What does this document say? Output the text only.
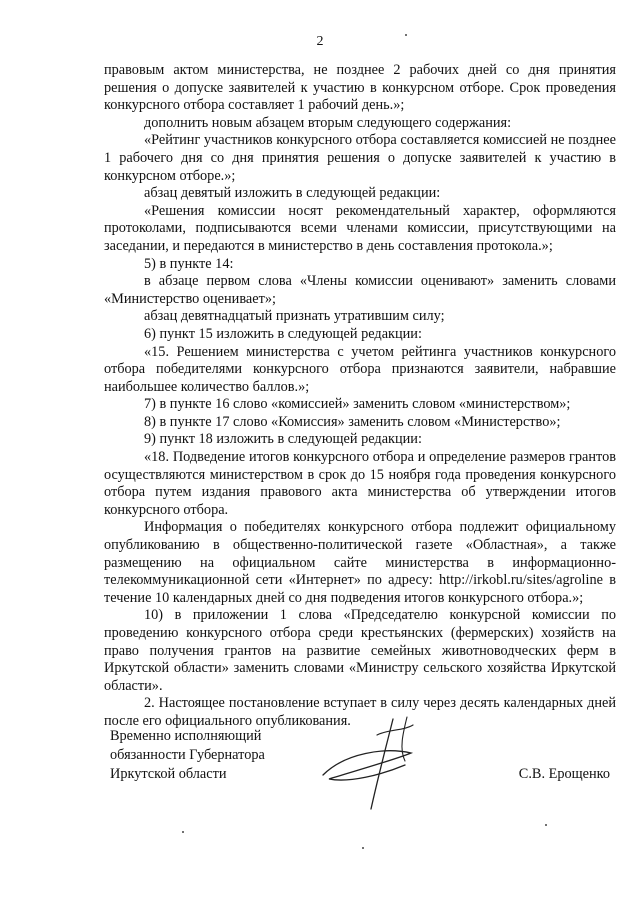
2

правовым актом министерства, не позднее 2 рабочих дней со дня принятия решения о допуске заявителей к участию в конкурсном отборе. Срок проведения конкурсного отбора составляет 1 рабочий день.»;

дополнить новым абзацем вторым следующего содержания:

«Рейтинг участников конкурсного отбора составляется комиссией не позднее 1 рабочего дня со дня принятия решения о допуске заявителей к участию в конкурсном отборе.»;

абзац девятый изложить в следующей редакции:

«Решения комиссии носят рекомендательный характер, оформляются протоколами, подписываются всеми членами комиссии, присутствующими на заседании, и передаются в министерство в день составления протокола.»;

5) в пункте 14:

в абзаце первом слова «Члены комиссии оценивают» заменить словами «Министерство оценивает»;

абзац девятнадцатый признать утратившим силу;

6) пункт 15 изложить в следующей редакции:

«15. Решением министерства с учетом рейтинга участников конкурсного отбора победителями конкурсного отбора признаются заявители, набравшие наибольшее количество баллов.»;

7) в пункте 16 слово «комиссией» заменить словом «министерством»;

8) в пункте 17 слово «Комиссия» заменить словом «Министерство»;

9) пункт 18 изложить в следующей редакции:

«18. Подведение итогов конкурсного отбора и определение размеров грантов осуществляются министерством в срок до 15 ноября года проведения конкурсного отбора путем издания правового акта министерства об утверждении итогов конкурсного отбора.

Информация о победителях конкурсного отбора подлежит официальному опубликованию в общественно-политической газете «Областная», а также размещению на официальном сайте министерства в информационно-телекоммуникационной сети «Интернет» по адресу: http://irkobl.ru/sites/agroline в течение 10 календарных дней со дня подведения итогов конкурсного отбора.»;

10) в приложении 1 слова «Председателю конкурсной комиссии по проведению конкурсного отбора среди крестьянских (фермерских) хозяйств на право получения грантов на развитие семейных животноводческих ферм в Иркутской области» заменить словами «Министру сельского хозяйства Иркутской области».

2. Настоящее постановление вступает в силу через десять календарных дней после его официального опубликования.

Временно исполняющий
обязанности Губернатора
Иркутской области	С.В. Ерощенко
